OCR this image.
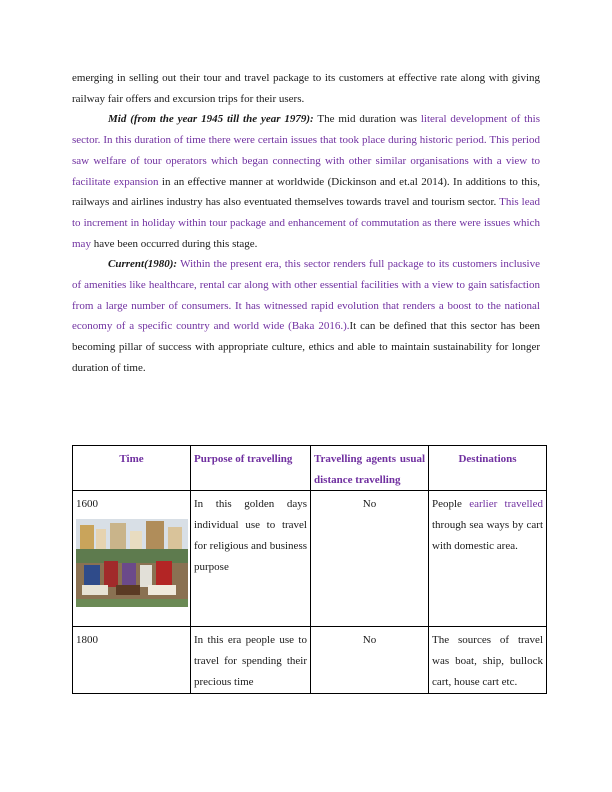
emerging in selling out their tour and travel package to its customers at effective rate along with giving railway fair offers and excursion trips for their users.

Mid (from the year 1945 till the year 1979): The mid duration was literal development of this sector. In this duration of time there were certain issues that took place during historic period. This period saw welfare of tour operators which began connecting with other similar organisations with a view to facilitate expansion in an effective manner at worldwide (Dickinson and et.al 2014). In additions to this, railways and airlines industry has also eventuated themselves towards travel and tourism sector. This lead to increment in holiday within tour package and enhancement of commutation as there were issues which may have been occurred during this stage.

Current(1980): Within the present era, this sector renders full package to its customers inclusive of amenities like healthcare, rental car along with other essential facilities with a view to gain satisfaction from a large number of consumers. It has witnessed rapid evolution that renders a boost to the national economy of a specific country and world wide (Baka 2016.).It can be defined that this sector has been becoming pillar of success with appropriate culture, ethics and able to maintain sustainability for longer duration of time.

Time	Purpose of travelling	Travelling agents usual distance travelling	Destinations

1600	In this golden days individual use to travel for religious and business purpose	No	People earlier travelled through sea ways by cart with domestic area.
1800	In this era people use to travel for spending their precious time	No	The sources of travel was boat, ship, bullock cart, house cart etc.
